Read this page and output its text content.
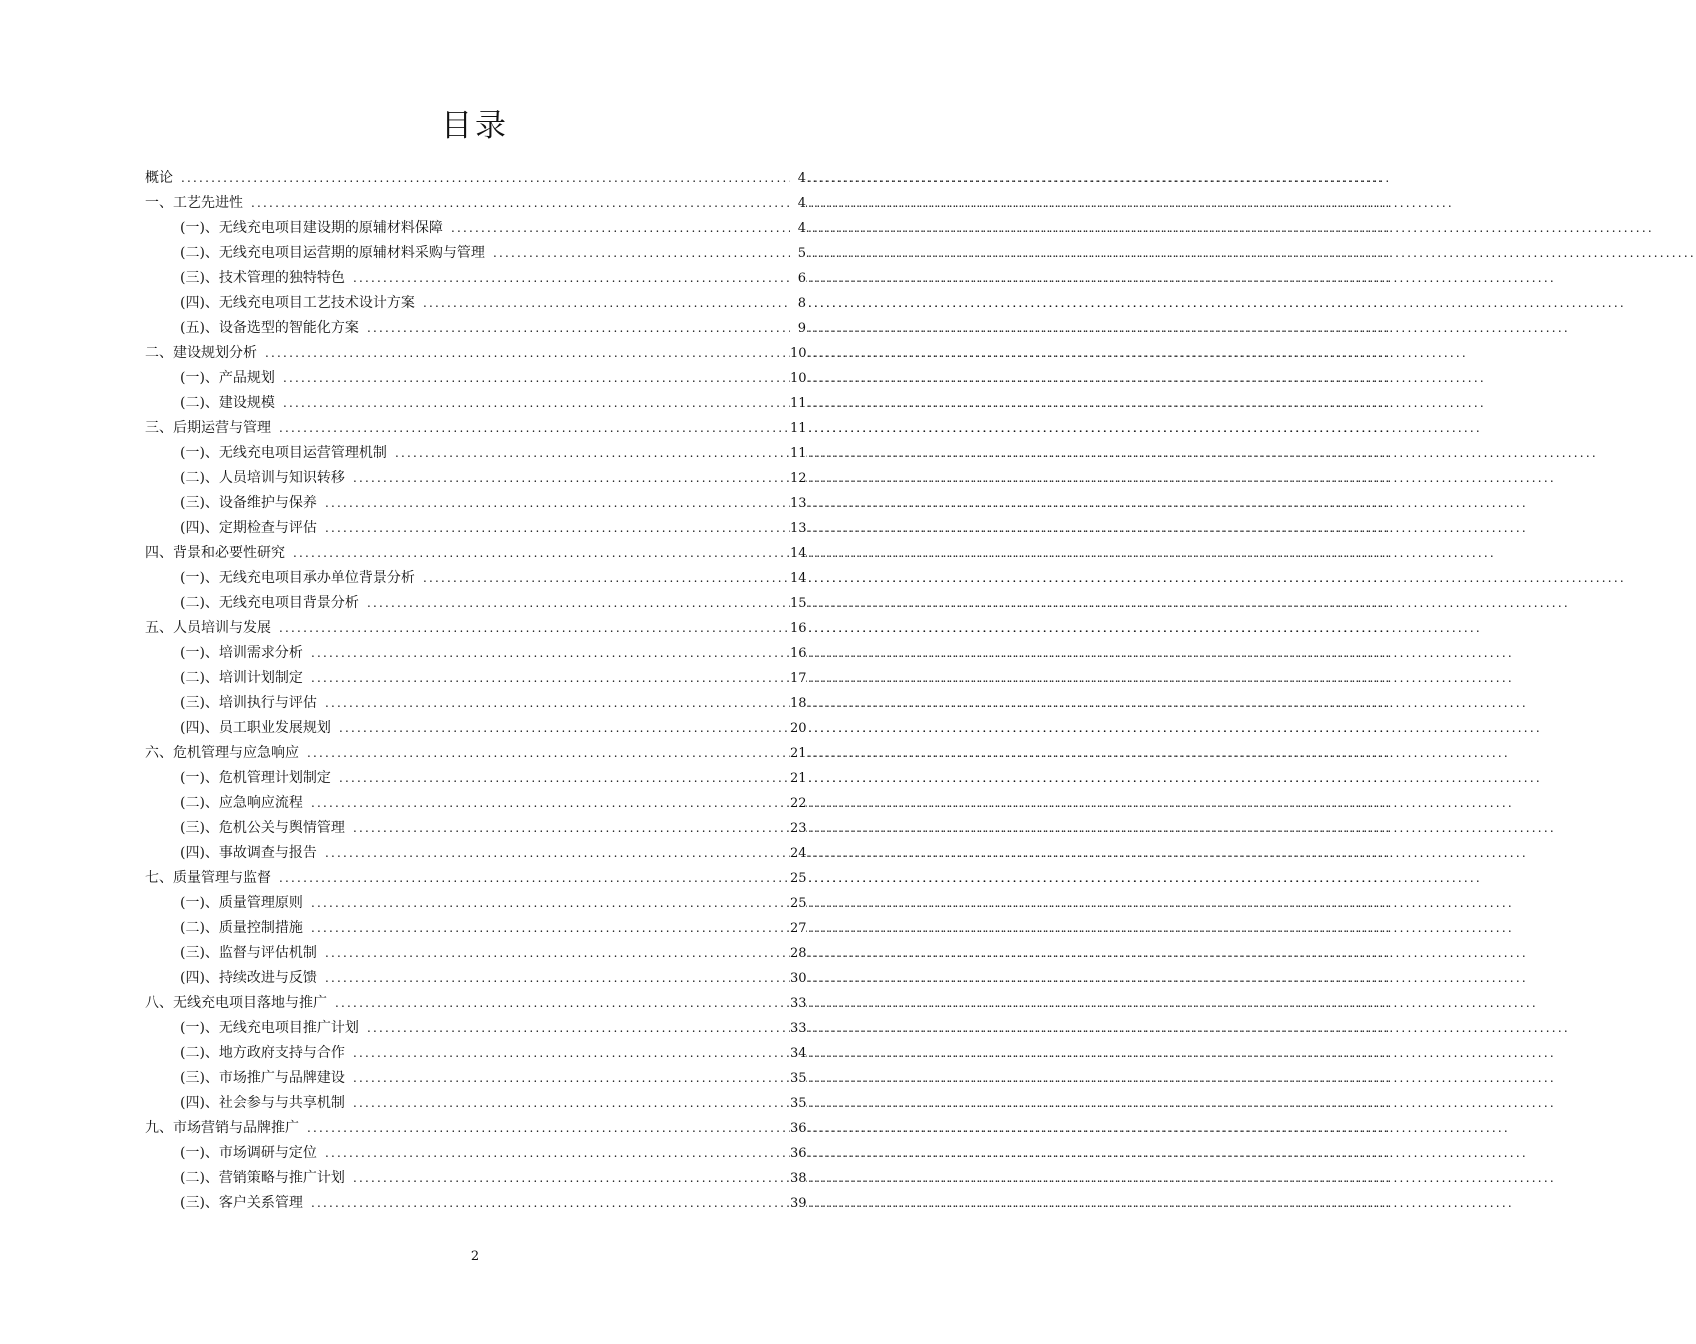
目录
概论 .....	4 .................................................................................................
一、工艺先进性 .....	4 .................................................................................................
(一)、无线充电项目建设期的原辅材料保障 .....	4 .................................................................................................
(二)、无线充电项目运营期的原辅材料采购与管理 .....	5 .................................................................................................
(三)、技术管理的独特特色 .....	6 .................................................................................................
(四)、无线充电项目工艺技术设计方案 .....	8 .................................................................................................
(五)、设备选型的智能化方案 .....	9 .................................................................................................
二、建设规划分析 .....	10 .................................................................................................
(一)、产品规划 .....	10 .................................................................................................
(二)、建设规模 .....	11 .................................................................................................
三、后期运营与管理 .....	11 .................................................................................................
(一)、无线充电项目运营管理机制 .....	11 .................................................................................................
(二)、人员培训与知识转移 .....	12 .................................................................................................
(三)、设备维护与保养 .....	13 .................................................................................................
(四)、定期检查与评估 .....	13 .................................................................................................
四、背景和必要性研究 .....	14 .................................................................................................
(一)、无线充电项目承办单位背景分析 .....	14 .................................................................................................
(二)、无线充电项目背景分析 .....	15 .................................................................................................
五、人员培训与发展 .....	16 .................................................................................................
(一)、培训需求分析 .....	16 .................................................................................................
(二)、培训计划制定 .....	17 .................................................................................................
(三)、培训执行与评估 .....	18 .................................................................................................
(四)、员工职业发展规划 .....	20 .................................................................................................
六、危机管理与应急响应 .....	21 .................................................................................................
(一)、危机管理计划制定 .....	21 .................................................................................................
(二)、应急响应流程 .....	22 .................................................................................................
(三)、危机公关与舆情管理 .....	23 .................................................................................................
(四)、事故调查与报告 .....	24 .................................................................................................
七、质量管理与监督 .....	25 .................................................................................................
(一)、质量管理原则 .....	25 .................................................................................................
(二)、质量控制措施 .....	27 .................................................................................................
(三)、监督与评估机制 .....	28 .................................................................................................
(四)、持续改进与反馈 .....	30 .................................................................................................
八、无线充电项目落地与推广 .....	33 .................................................................................................
(一)、无线充电项目推广计划 .....	33 .................................................................................................
(二)、地方政府支持与合作 .....	34 .................................................................................................
(三)、市场推广与品牌建设 .....	35 .................................................................................................
(四)、社会参与与共享机制 .....	35 .................................................................................................
九、市场营销与品牌推广 .....	36 .................................................................................................
(一)、市场调研与定位 .....	36 .................................................................................................
(二)、营销策略与推广计划 .....	38 .................................................................................................
(三)、客户关系管理 .....	39 .................................................................................................
2
